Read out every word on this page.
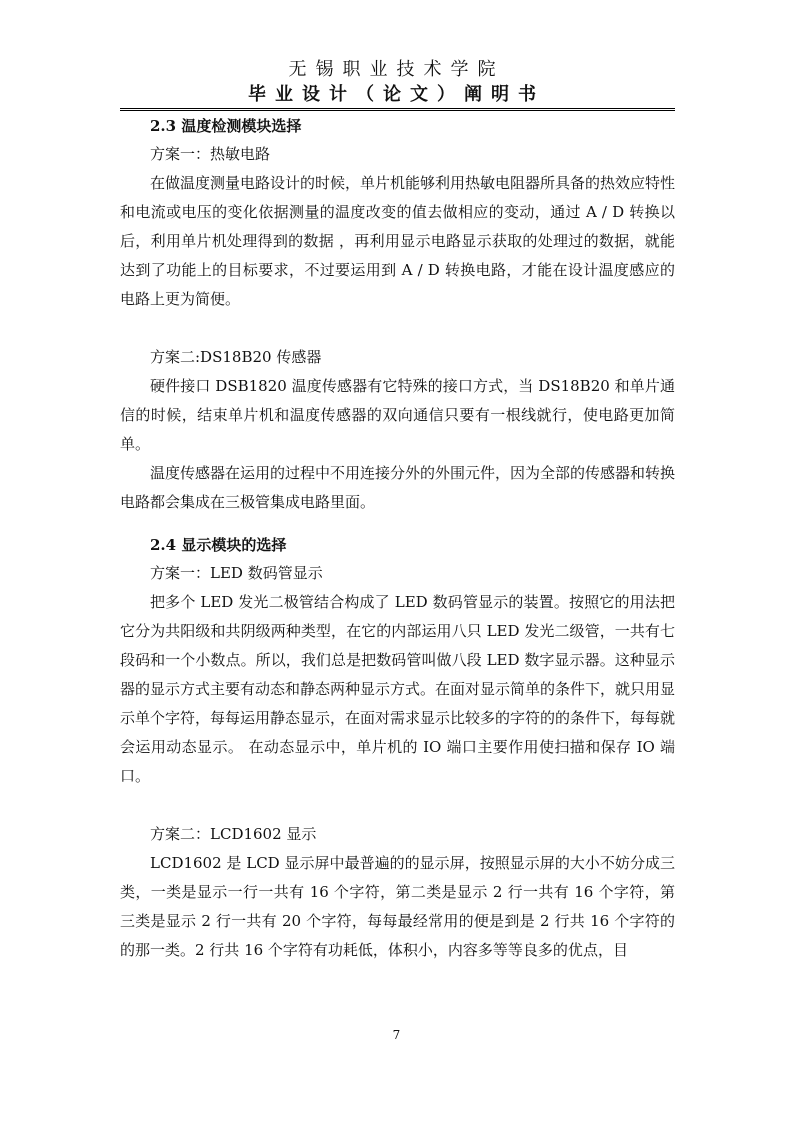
无锡职业技术学院
毕业设计（论文）阐明书

2.3 温度检测模块选择

方案一：热敏电路

在做温度测量电路设计的时候，单片机能够利用热敏电阻器所具备的热效应特性和电流或电压的变化依据测量的温度改变的值去做相应的变动，通过 A / D 转换以后，利用单片机处理得到的数据 ，再利用显示电路显示获取的处理过的数据，就能达到了功能上的目标要求，不过要运用到 A / D 转换电路，才能在设计温度感应的电路上更为简便。

方案二:DS18B20 传感器

硬件接口 DSB1820 温度传感器有它特殊的接口方式，当 DS18B20 和单片通信的时候，结束单片机和温度传感器的双向通信只要有一根线就行，使电路更加简单。

温度传感器在运用的过程中不用连接分外的外围元件，因为全部的传感器和转换电路都会集成在三极管集成电路里面。

2.4 显示模块的选择

方案一：LED 数码管显示

把多个 LED 发光二极管结合构成了 LED 数码管显示的装置。按照它的用法把它分为共阳级和共阴级两种类型，在它的内部运用八只 LED 发光二级管，一共有七段码和一个小数点。所以，我们总是把数码管叫做八段 LED 数字显示器。这种显示器的显示方式主要有动态和静态两种显示方式。在面对显示简单的条件下，就只用显示单个字符，每每运用静态显示，在面对需求显示比较多的字符的的条件下，每每就会运用动态显示。 在动态显示中，单片机的 IO 端口主要作用使扫描和保存 IO 端口。

方案二：LCD1602 显示

LCD1602 是 LCD 显示屏中最普遍的的显示屏，按照显示屏的大小不妨分成三类，一类是显示一行一共有 16 个字符，第二类是显示 2 行一共有 16 个字符，第三类是显示 2 行一共有 20 个字符，每每最经常用的便是到是 2 行共 16 个字符的的那一类。2 行共 16 个字符有功耗低，体积小，内容多等等良多的优点，目

7
